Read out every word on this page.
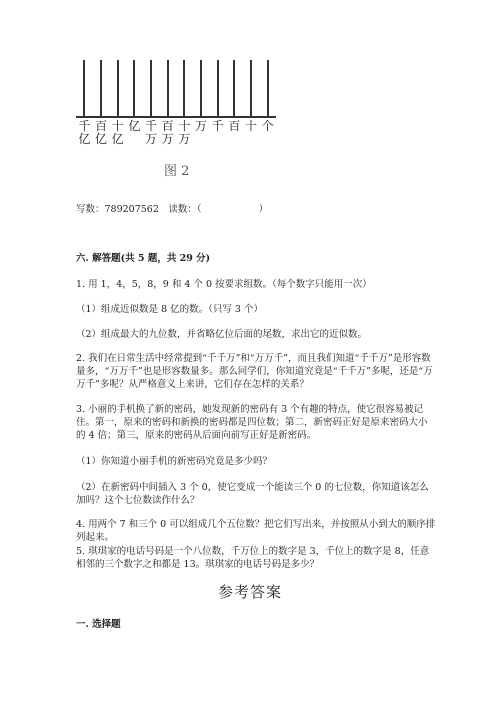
千亿
百亿
十亿
亿 千万
百万
十万
万 千 百 十 个
图 2
写数：789207562　读数：（　　　　　　）
六. 解答题(共 5 题，共 29 分)
1. 用 1，4，5，8，9 和 4 个 0 按要求组数。（每个数字只能用一次）
（1）组成近似数是 8 亿的数。（只写 3 个）
（2）组成最大的九位数，并省略亿位后面的尾数，求出它的近似数。
2. 我们在日常生活中经常提到“千千万”和“万万千”，而且我们知道“千千万”是形容数量多，“万万千”也是形容数量多。那么同学们，你知道究竟是“千千万”多呢，还是“万万千”多呢？从严格意义上来讲，它们存在怎样的关系？
3. 小丽的手机换了新的密码，她发现新的密码有 3 个有趣的特点，使它很容易被记住。第一，原来的密码和新换的密码都是四位数；第二，新密码正好是原来密码大小的 4 倍；第三，原来的密码从后面向前写正好是新密码。
（1）你知道小丽手机的新密码究竟是多少吗？
（2）在新密码中间插入 3 个 0，使它变成一个能读三个 0 的七位数，你知道该怎么加吗？这个七位数读作什么？
4. 用两个 7 和三个 0 可以组成几个五位数？把它们写出来，并按照从小到大的顺序排列起来。
5. 琪琪家的电话号码是一个八位数，千万位上的数字是 3，千位上的数字是 8，任意相邻的三个数字之和都是 13。琪琪家的电话号码是多少？
参考答案
一. 选择题
